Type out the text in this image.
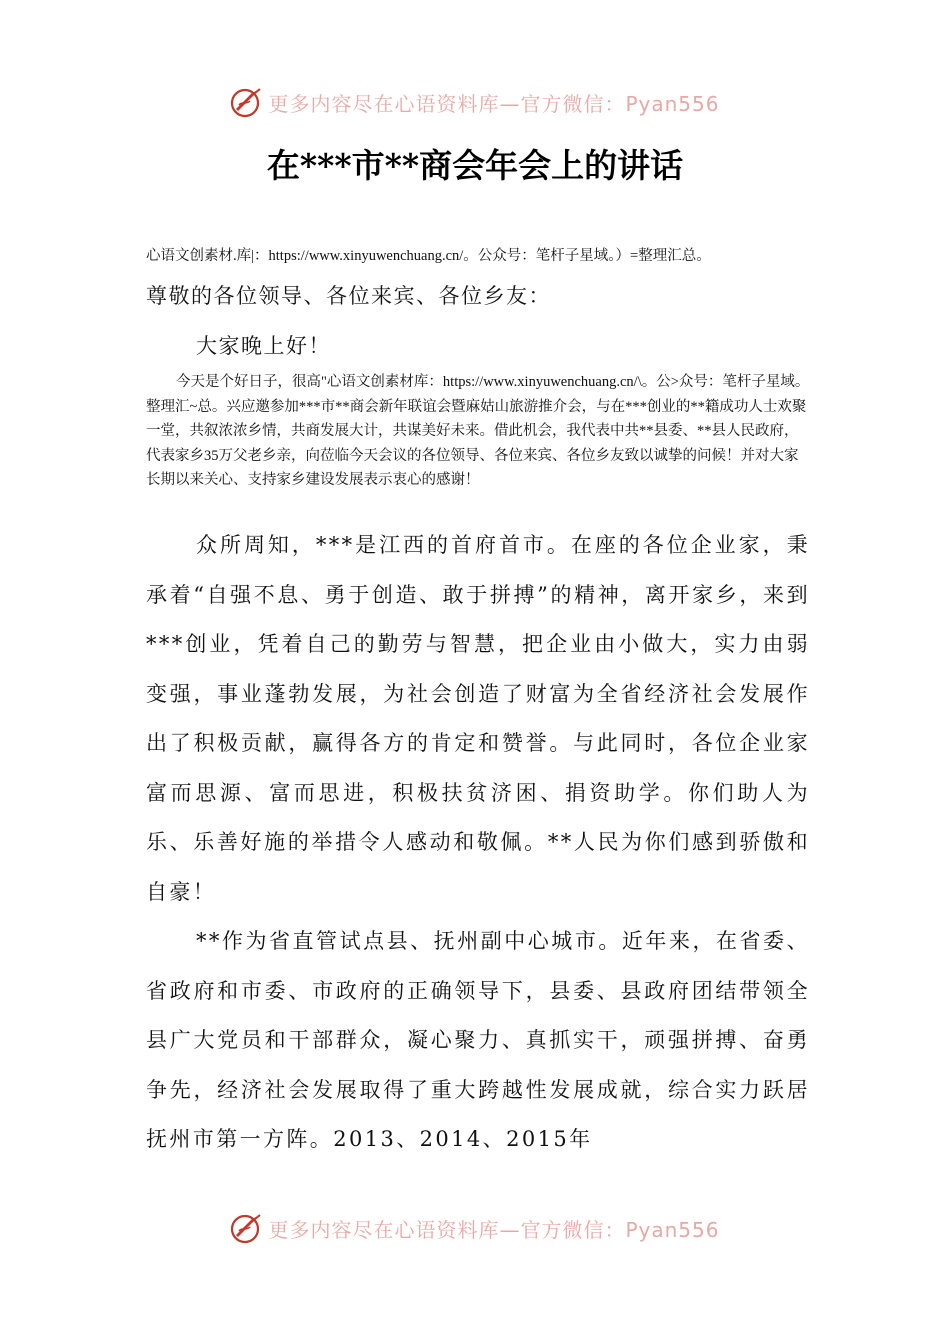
更多内容尽在心语资料库—官方微信：Pyan556
在***市**商会年会上的讲话
心语文创素材.库|：https://www.xinyuwenchuang.cn/。公众号：笔杆子星域。）=整理汇总。
尊敬的各位领导、各位来宾、各位乡友：
大家晚上好！

今天是个好日子，很高"心语文创素材库：https://www.xinyuwenchuang.cn/\。公>众号：笔杆子星域。整理汇~总。兴应邀参加***市**商会新年联谊会暨麻姑山旅游推介会，与在***创业的**籍成功人士欢聚一堂，共叙浓浓乡情，共商发展大计，共谋美好未来。借此机会，我代表中共**县委、**县人民政府，代表家乡35万父老乡亲，向莅临今天会议的各位领导、各位来宾、各位乡友致以诚挚的问候！并对大家长期以来关心、支持家乡建设发展表示衷心的感谢！

众所周知，***是江西的首府首市。在座的各位企业家，秉承着“自强不息、勇于创造、敢于拼搏”的精神，离开家乡，来到***创业，凭着自己的勤劳与智慧，把企业由小做大，实力由弱变强，事业蓬勃发展，为社会创造了财富为全省经济社会发展作出了积极贡献，赢得各方的肯定和赞誉。与此同时，各位企业家富而思源、富而思进，积极扶贫济困、捐资助学。你们助人为乐、乐善好施的举措令人感动和敬佩。**人民为你们感到骄傲和自豪！

**作为省直管试点县、抚州副中心城市。近年来，在省委、省政府和市委、市政府的正确领导下，县委、县政府团结带领全县广大党员和干部群众，凝心聚力、真抓实干，顽强拼搏、奋勇争先，经济社会发展取得了重大跨越性发展成就，综合实力跃居抚州市第一方阵。2013、2014、2015年

更多内容尽在心语资料库—官方微信：Pyan556
